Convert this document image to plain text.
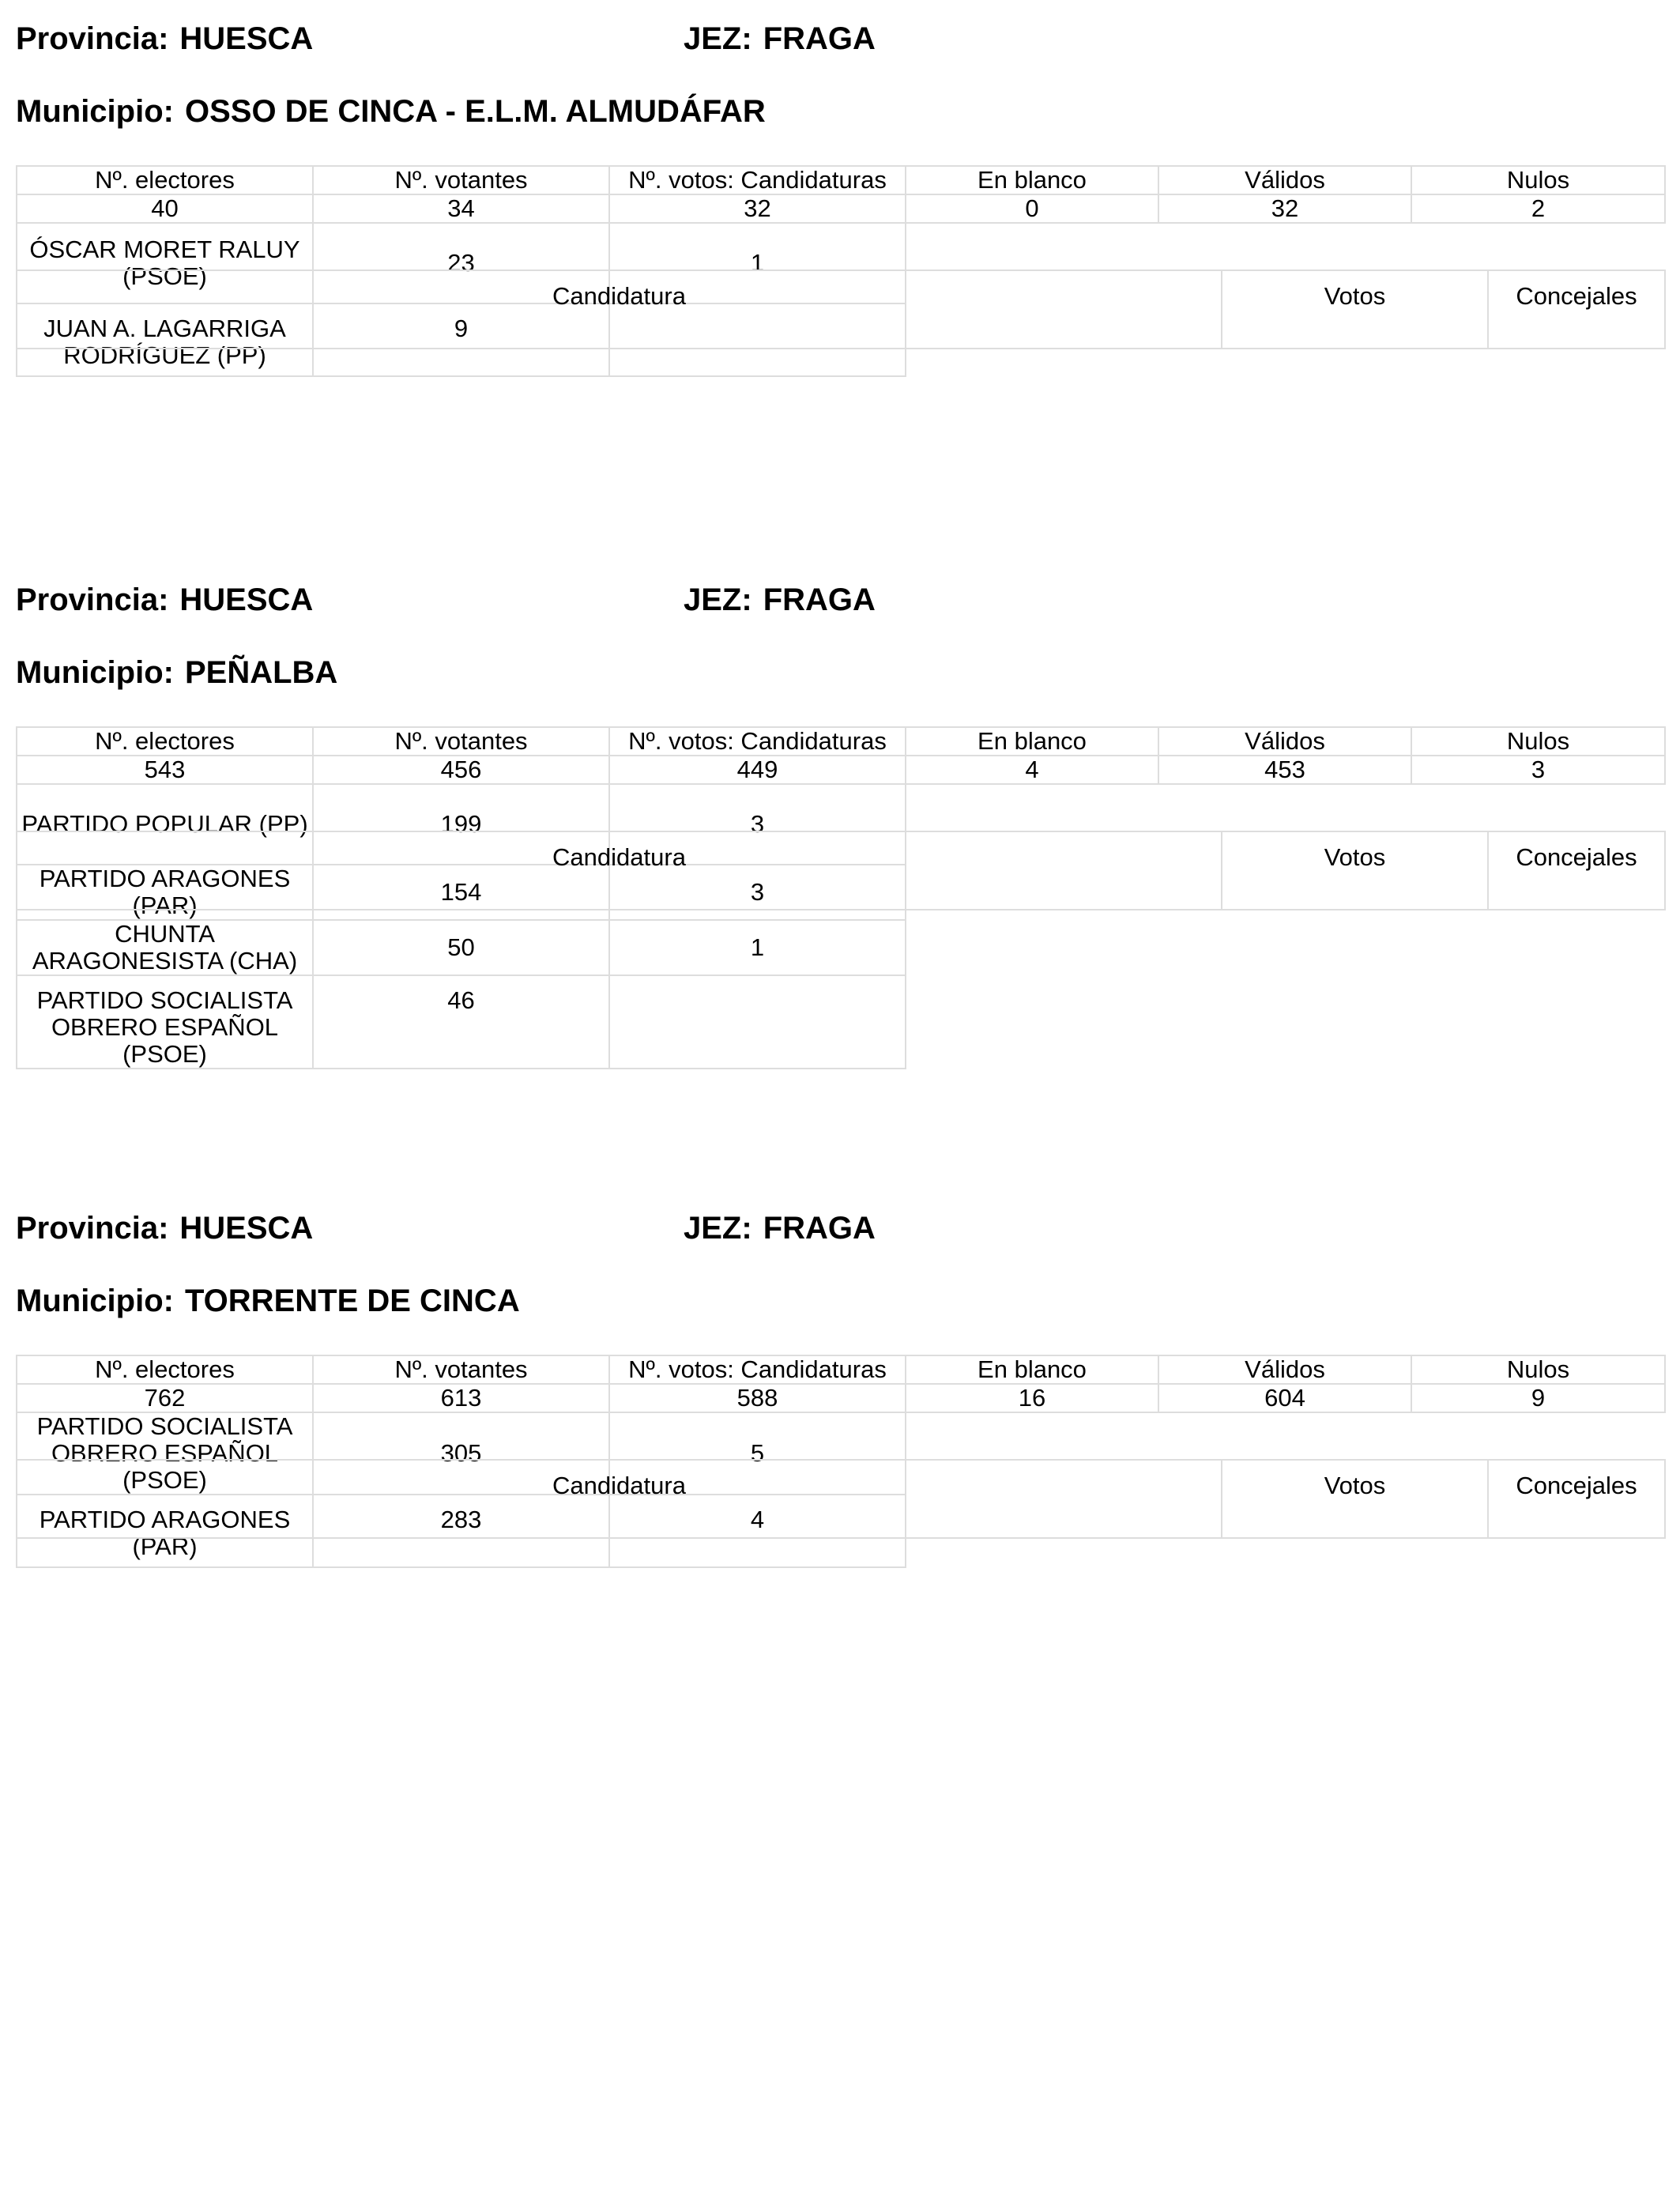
Provincia: HUESCA	JEZ: FRAGA
Municipio: OSSO DE CINCA - E.L.M. ALMUDÁFAR
Nº. electores	Nº. votantes	Nº. votos: Candidaturas	En blanco	Válidos	Nulos
40	34	32	0	32	2
ÓSCAR MORET RALUY (PSOE)	23	1			
JUAN A. LAGARRIGA RODRÍGUEZ (PP)	9				
Candidatura	Votos	Concejales
Provincia: HUESCA	JEZ: FRAGA
Municipio: PEÑALBA
Nº. electores	Nº. votantes	Nº. votos: Candidaturas	En blanco	Válidos	Nulos
543	456	449	4	453	3
PARTIDO POPULAR (PP)	199	3			
PARTIDO ARAGONES (PAR)	154	3			
CHUNTA ARAGONESISTA (CHA)	50	1			
PARTIDO SOCIALISTA OBRERO ESPAÑOL (PSOE)	46				
Candidatura	Votos	Concejales
Provincia: HUESCA	JEZ: FRAGA
Municipio: TORRENTE DE CINCA
Nº. electores	Nº. votantes	Nº. votos: Candidaturas	En blanco	Válidos	Nulos
762	613	588	16	604	9
PARTIDO SOCIALISTA OBRERO ESPAÑOL (PSOE)	305	5			
PARTIDO ARAGONES (PAR)	283	4			
Candidatura	Votos	Concejales
